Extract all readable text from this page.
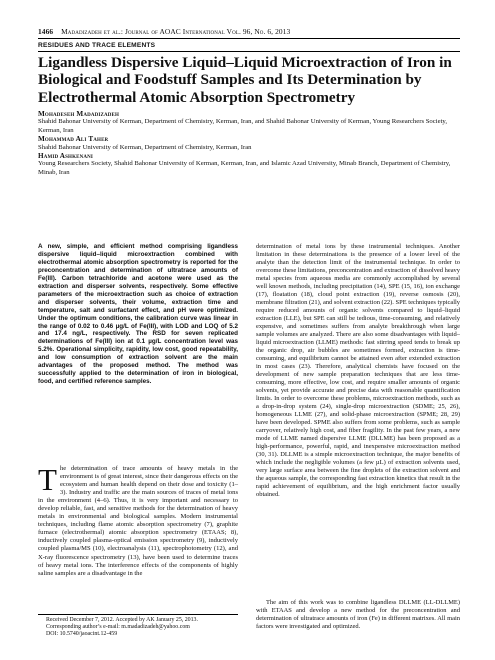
1466 Madadizadeh et al.: Journal of AOAC International Vol. 96, No. 6, 2013
RESIDUES AND TRACE ELEMENTS
Ligandless Dispersive Liquid–Liquid Microextraction of Iron in Biological and Foodstuff Samples and Its Determination by Electrothermal Atomic Absorption Spectrometry
Mohadeseh Madadizadeh
Shahid Bahonar University of Kerman, Department of Chemistry, Kerman, Iran, and Shahid Bahonar University of Kerman, Young Researchers Society, Kerman, Iran
Mohammad Ali Taher
Shahid Bahonar University of Kerman, Department of Chemistry, Kerman, Iran
Hamid Ashkenani
Young Researchers Society, Shahid Bahonar University of Kerman, Kerman, Iran, and Islamic Azad University, Minab Branch, Department of Chemistry, Minab, Iran

A new, simple, and efficient method comprising ligandless dispersive liquid–liquid microextraction combined with electrothermal atomic absorption spectrometry is reported for the preconcentration and determination of ultratrace amounts of Fe(III). Carbon tetrachloride and acetone were used as the extraction and disperser solvents, respectively. Some effective parameters of the microextraction such as choice of extraction and disperser solvents, their volume, extraction time and temperature, salt and surfactant effect, and pH were optimized. Under the optimum conditions, the calibration curve was linear in the range of 0.02 to 0.46 µg/L of Fe(III), with LOD and LOQ of 5.2 and 17.4 ng/L, respectively. The RSD for seven replicated determinations of Fe(III) ion at 0.1 µg/L concentration level was 5.2%. Operational simplicity, rapidity, low cost, good repeatability, and low consumption of extraction solvent are the main advantages of the proposed method. The method was successfully applied to the determination of iron in biological, food, and certified reference samples.

The determination of trace amounts of heavy metals in the environment is of great interest, since their dangerous effects on the ecosystem and human health depend on their dose and toxicity (1–3). Industry and traffic are the main sources of traces of metal ions in the environment (4–6). Thus, it is very important and necessary to develop reliable, fast, and sensitive methods for the determination of heavy metals in environmental and biological samples. Modern instrumental techniques, including flame atomic absorption spectrometry (7), graphite furnace (electrothermal) atomic absorption spectrometry (ETAAS; 8), inductively coupled plasma-optical emission spectrometry (9), inductively coupled plasma/MS (10), electroanalysis (11), spectrophotometry (12), and X-ray fluorescence spectrometry (13), have been used to determine traces of heavy metal ions. The interference effects of the components of highly saline samples are a disadvantage in the

Received December 7, 2012. Accepted by AK January 25, 2013.
Corresponding author’s e-mail: m.madadizadeh@yahoo.com
DOI: 10.5740/jaoacint.12-459

determination of metal ions by these instrumental techniques. Another limitation in these determinations is the presence of a lower level of the analyte than the detection limit of the instrumental technique. In order to overcome these limitations, preconcentration and extraction of dissolved heavy metal species from aqueous media are commonly accomplished by several well known methods, including precipitation (14), SPE (15, 16), ion exchange (17), floatation (18), cloud point extraction (19), reverse osmosis (20), membrane filtration (21), and solvent extraction (22). SPE techniques typically require reduced amounts of organic solvents compared to liquid–liquid extraction (LLE), but SPE can still be tedious, time-consuming, and relatively expensive, and sometimes suffers from analyte breakthrough when large sample volumes are analyzed. There are also some disadvantages with liquid–liquid microextraction (LLME) methods: fast stirring speed tends to break up the organic drop, air bubbles are sometimes formed, extraction is time-consuming, and equilibrium cannot be attained even after extended extraction in most cases (23). Therefore, analytical chemists have focused on the development of new sample preparation techniques that are less time-consuming, more effective, low cost, and require smaller amounts of organic solvents, yet provide accurate and precise data with reasonable quantification limits. In order to overcome these problems, microextraction methods, such as a drop-in-drop system (24), single-drop microextraction (SDME; 25, 26), homogeneous LLME (27), and solid-phase microextraction (SPME; 28, 29) have been developed. SPME also suffers from some problems, such as sample carryover, relatively high cost, and fiber fragility. In the past few years, a new mode of LLME named dispersive LLME (DLLME) has been proposed as a high-performance, powerful, rapid, and inexpensive microextraction method (30, 31). DLLME is a simple microextraction technique, the major benefits of which include the negligible volumes (a few µL) of extraction solvents used, very large surface area between the fine droplets of the extraction solvent and the aqueous sample, the corresponding fast extraction kinetics that result in the rapid achievement of equilibrium, and the high enrichment factor usually obtained.

The aim of this work was to combine ligandless DLLME (LL-DLLME) with ETAAS and develop a new method for the preconcentration and determination of ultratrace amounts of iron (Fe) in different matrixes. All main factors were investigated and optimized.
